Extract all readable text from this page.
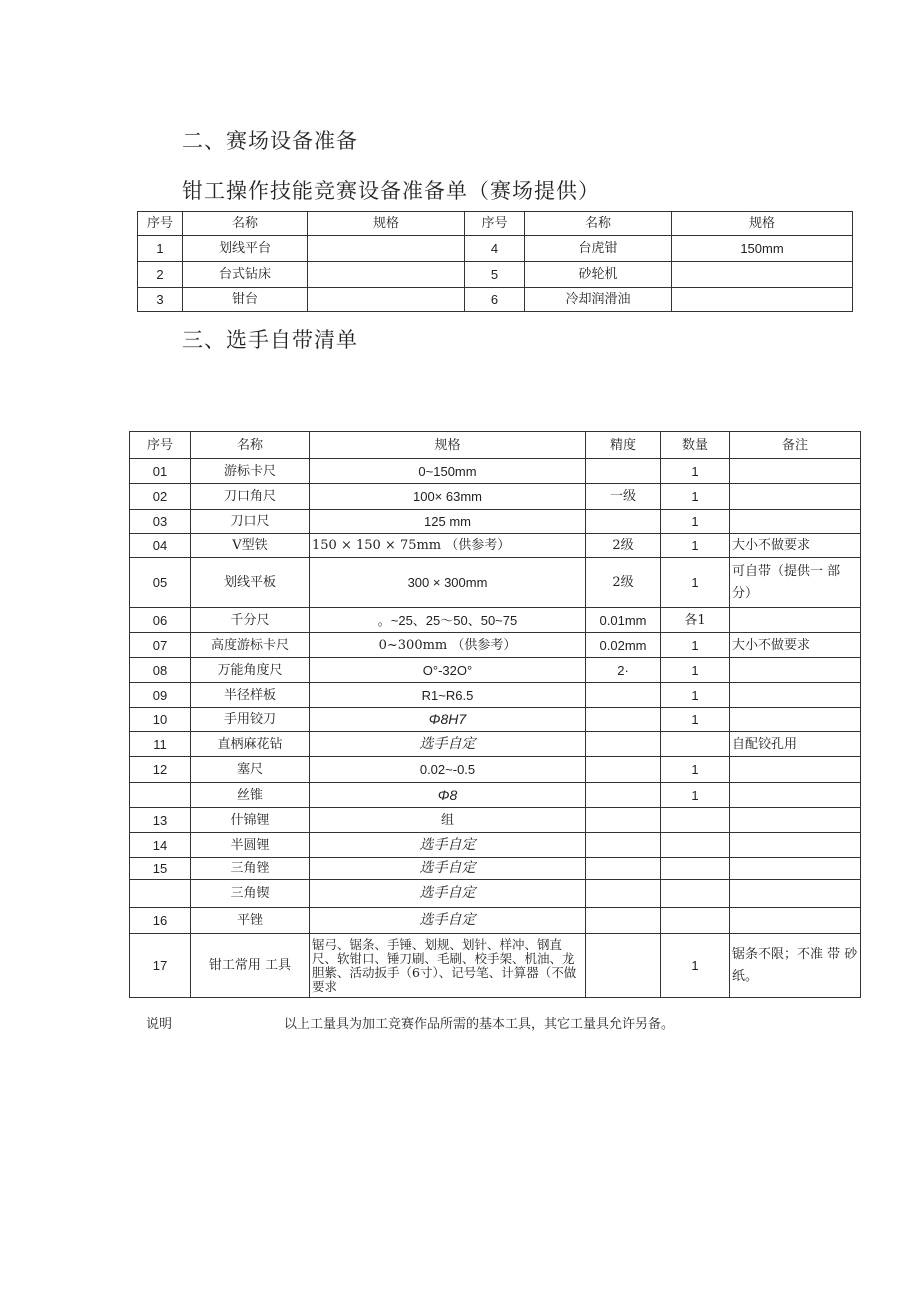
二、赛场设备准备
钳工操作技能竞赛设备准备单（赛场提供）
序号	名称	规格	序号	名称	规格
1	划线平台		4	台虎钳	150mm
2	台式钻床		5	砂轮机	
3	钳台		6	冷却润滑油	
三、选手自带清单
序号	名称	规格	精度	数量	备注
01	游标卡尺	0~150mm		1	
02	刀口角尺	100× 63mm	一级	1	
03	刀口尺	125 mm		1	
04	V型铁	150 × 150 × 75mm （供参考）	2级	1	大小不做要求
05	划线平板	300 × 300mm	2级	1	可自带（提供一 部分）
06	千分尺	。~25、25～50、50~75	0.01mm	各1	
07	高度游标卡尺	0~300mm （供参考）	0.02mm	1	大小不做要求
08	万能角度尺	O°-32O°	2·	1	
09	半径样板	R1~R6.5		1	
10	手用铰刀	Φ8H7		1	
11	直柄麻花钻	选手自定			自配铰孔用
12	塞尺	0.02~-0.5		1	
	丝锥	Φ8		1	
13	什锦锂	组			
14	半圆锂	选手自定			
15	三角锉	选手自定			
	三角锲	选手自定			
16	平锉	选手自定			
17	钳工常用 工具	锯弓、锯条、手锤、划规、划针、样冲、钢直尺、软钳口、锤刀刷、毛刷、校手架、机油、龙胆紫、活动扳手（6寸）、记号笔、计算器（不做要求		1	锯条不限；不准 带 砂纸。
说明	以上工量具为加工竞赛作品所需的基本工具，其它工量具允许另备。
